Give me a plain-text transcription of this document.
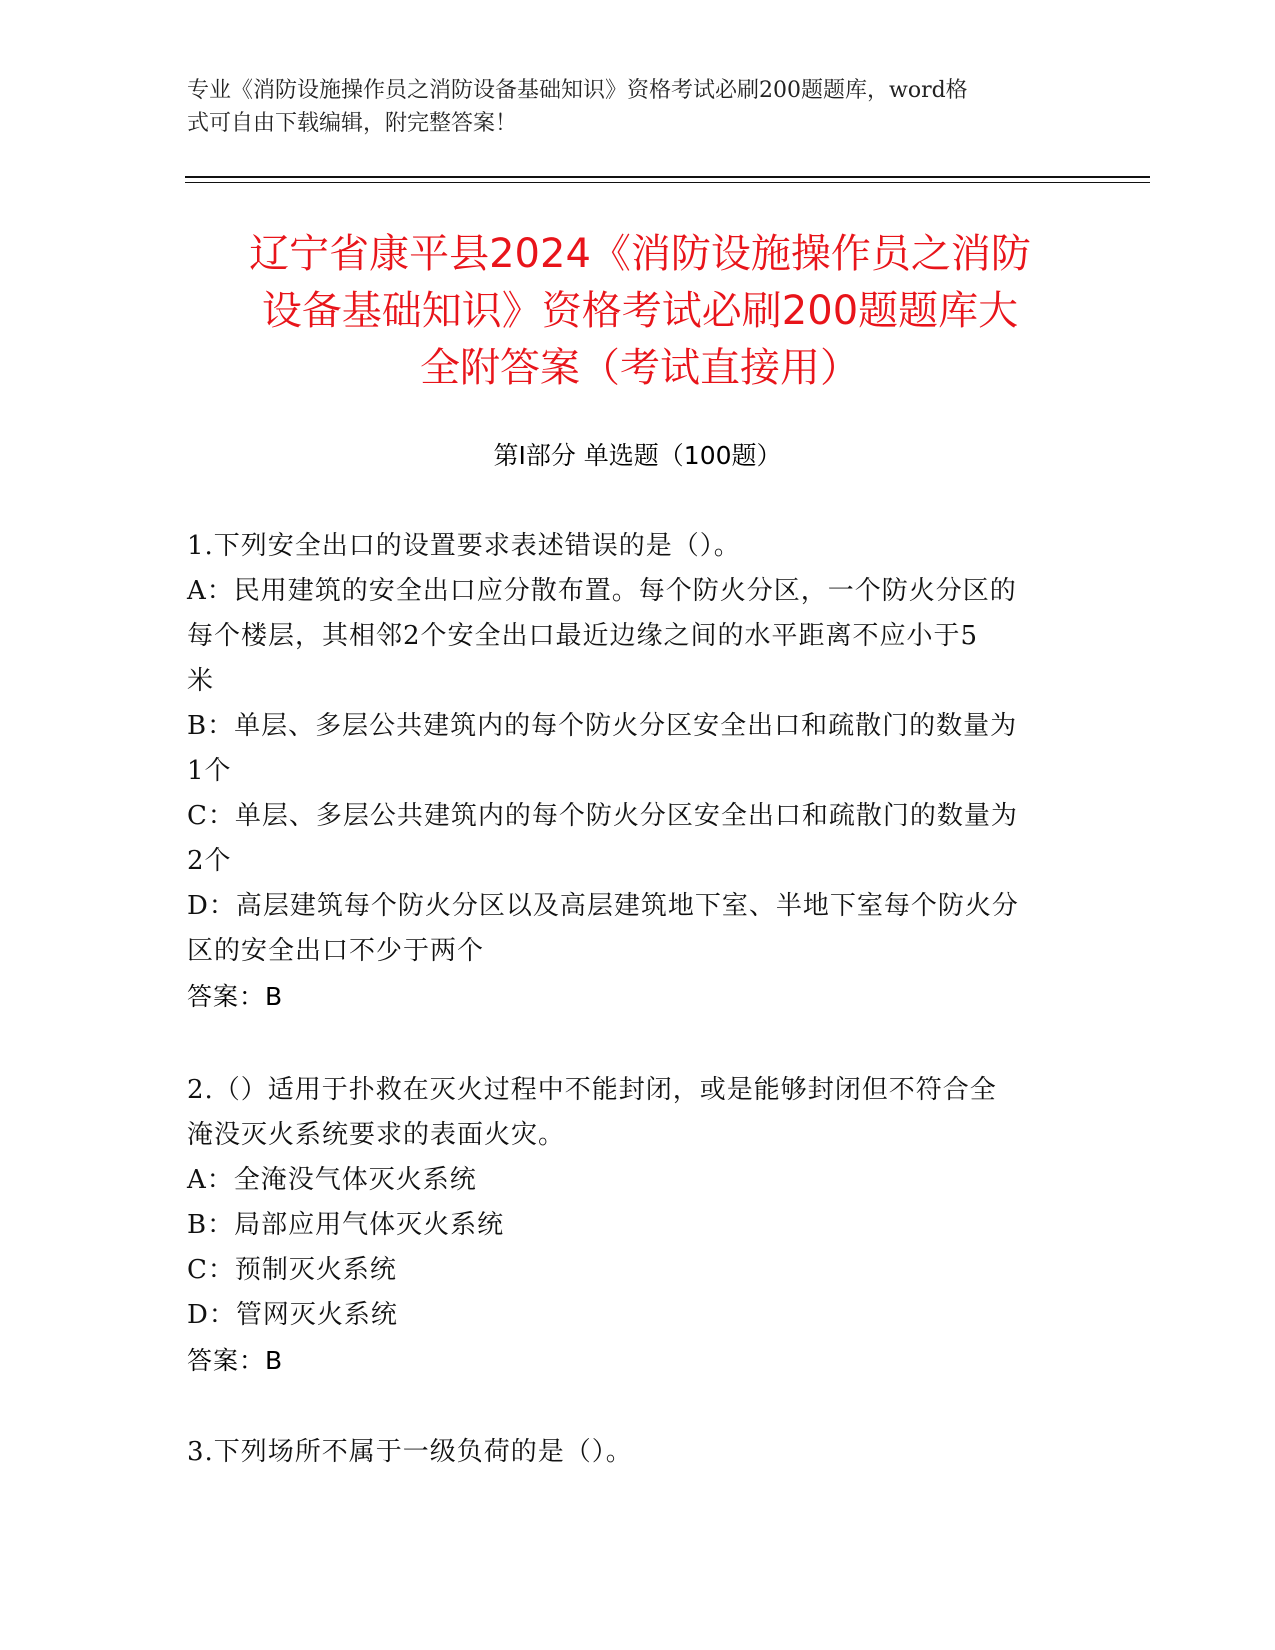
专业《消防设施操作员之消防设备基础知识》资格考试必刷200题题库，word格
式可自由下载编辑，附完整答案！
辽宁省康平县2024《消防设施操作员之消防
设备基础知识》资格考试必刷200题题库大
全附答案（考试直接用）
第Ⅰ部分 单选题（100题）
1.下列安全出口的设置要求表述错误的是（）。
A：民用建筑的安全出口应分散布置。每个防火分区，一个防火分区的
每个楼层，其相邻2个安全出口最近边缘之间的水平距离不应小于5
米
B：单层、多层公共建筑内的每个防火分区安全出口和疏散门的数量为
1个
C：单层、多层公共建筑内的每个防火分区安全出口和疏散门的数量为
2个
D：高层建筑每个防火分区以及高层建筑地下室、半地下室每个防火分
区的安全出口不少于两个
答案：B
2.（）适用于扑救在灭火过程中不能封闭，或是能够封闭但不符合全
淹没灭火系统要求的表面火灾。
A：全淹没气体灭火系统
B：局部应用气体灭火系统
C：预制灭火系统
D：管网灭火系统
答案：B
3.下列场所不属于一级负荷的是（）。
